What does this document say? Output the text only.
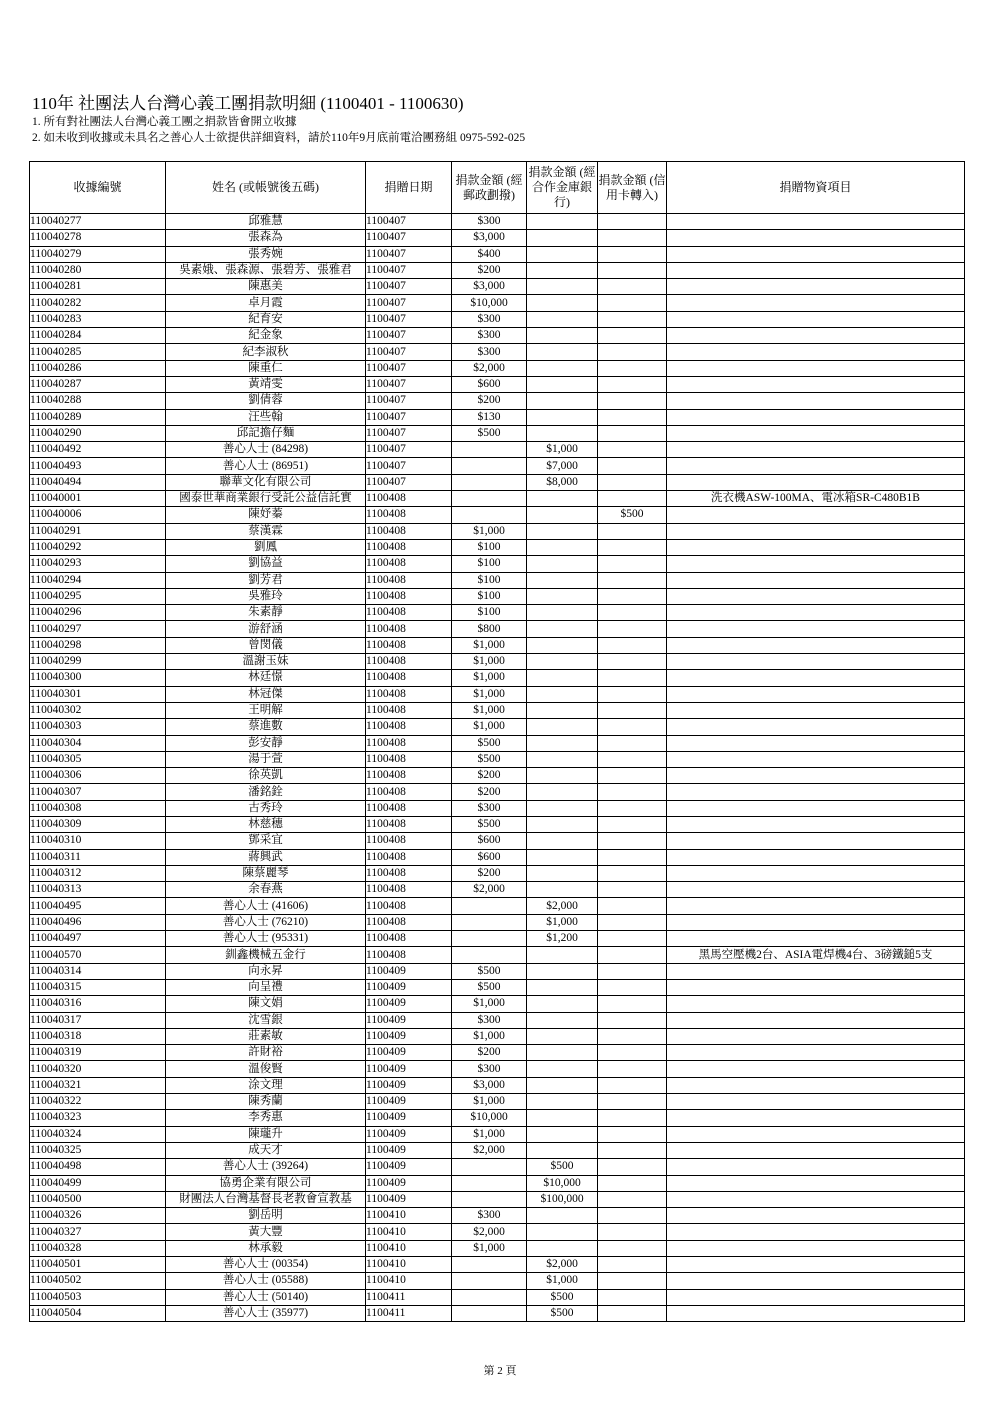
110年 社團法人台灣心義工團捐款明細 (1100401 - 1100630)
1. 所有對社團法人台灣心義工團之捐款皆會開立收據
2. 如未收到收據或未具名之善心人士欲提供詳細資料，請於110年9月底前電洽團務組 0975-592-025
收據編號	姓名 (或帳號後五碼)	捐贈日期	捐款金額 (經郵政劃撥)	捐款金額 (經合作金庫銀行)	捐款金額 (信用卡轉入)	捐贈物資項目
110040277	邱雅慧	1100407	$300			
110040278	張森為	1100407	$3,000			
110040279	張秀婉	1100407	$400			
110040280	吳素娥、張森源、張碧芳、張雅君	1100407	$200			
110040281	陳惠美	1100407	$3,000			
110040282	卓月霞	1100407	$10,000			
110040283	紀育安	1100407	$300			
110040284	紀金象	1100407	$300			
110040285	紀李淑秋	1100407	$300			
110040286	陳重仁	1100407	$2,000			
110040287	黃靖雯	1100407	$600			
110040288	劉倩蓉	1100407	$200			
110040289	汪些翰	1100407	$130			
110040290	邱記擔仔麵	1100407	$500			
110040492	善心人士 (84298)	1100407		$1,000		
110040493	善心人士 (86951)	1100407		$7,000		
110040494	聯華文化有限公司	1100407		$8,000		
110040001	國泰世華商業銀行受託公益信託實	1100408				洗衣機ASW-100MA、電冰箱SR-C480B1B
110040006	陳妤蓁	1100408			$500	
110040291	蔡漢霖	1100408	$1,000			
110040292	劉鳳	1100408	$100			
110040293	劉協益	1100408	$100			
110040294	劉芳君	1100408	$100			
110040295	吳雅玲	1100408	$100			
110040296	朱素靜	1100408	$100			
110040297	游舒涵	1100408	$800			
110040298	曾閔儀	1100408	$1,000			
110040299	溫謝玉妹	1100408	$1,000			
110040300	林廷憬	1100408	$1,000			
110040301	林冠傑	1100408	$1,000			
110040302	王明解	1100408	$1,000			
110040303	蔡進數	1100408	$1,000			
110040304	彭安靜	1100408	$500			
110040305	湯于萱	1100408	$500			
110040306	徐英凱	1100408	$200			
110040307	潘銘銓	1100408	$200			
110040308	古秀玲	1100408	$300			
110040309	林慈穗	1100408	$500			
110040310	鄧采宜	1100408	$600			
110040311	蔣興武	1100408	$600			
110040312	陳蔡麗琴	1100408	$200			
110040313	余春燕	1100408	$2,000			
110040495	善心人士 (41606)	1100408		$2,000		
110040496	善心人士 (76210)	1100408		$1,000		
110040497	善心人士 (95331)	1100408		$1,200		
110040570	釧鑫機械五金行	1100408				黑馬空壓機2台、ASIA電焊機4台、3磅鐵鎚5支
110040314	向永昇	1100409	$500			
110040315	向呈禮	1100409	$500			
110040316	陳文娟	1100409	$1,000			
110040317	沈雪銀	1100409	$300			
110040318	莊素敏	1100409	$1,000			
110040319	許財裕	1100409	$200			
110040320	溫俊賢	1100409	$300			
110040321	涂文理	1100409	$3,000			
110040322	陳秀蘭	1100409	$1,000			
110040323	李秀惠	1100409	$10,000			
110040324	陳瓏升	1100409	$1,000			
110040325	成天才	1100409	$2,000			
110040498	善心人士 (39264)	1100409		$500		
110040499	協勇企業有限公司	1100409		$10,000		
110040500	財團法人台灣基督長老教會宣教基	1100409		$100,000		
110040326	劉岳明	1100410	$300			
110040327	黃大豐	1100410	$2,000			
110040328	林承毅	1100410	$1,000			
110040501	善心人士 (00354)	1100410		$2,000		
110040502	善心人士 (05588)	1100410		$1,000		
110040503	善心人士 (50140)	1100411		$500		
110040504	善心人士 (35977)	1100411		$500		
第 2 頁
